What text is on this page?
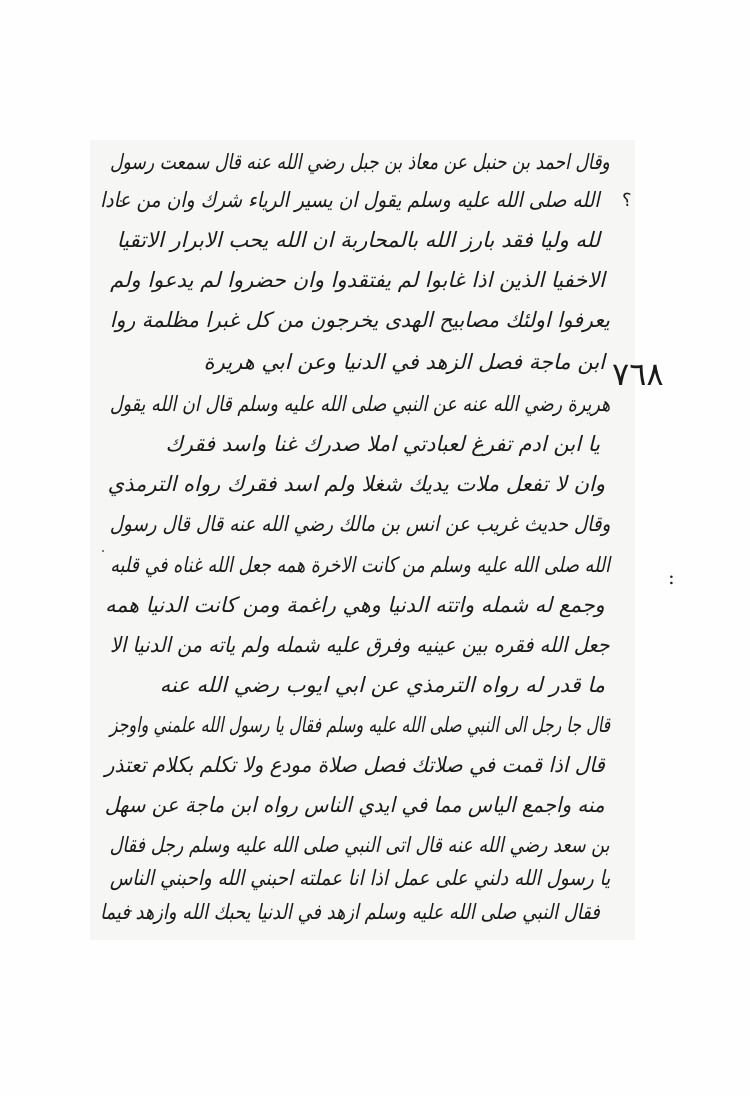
وقال احمد بن حنبل عن معاذ بن جبل رضي الله عنه قال سمعت رسول
الله صلى الله عليه وسلم يقول ان يسير الرياء شرك وان من عادا
لله وليا فقد بارز الله بالمحاربة ان الله يحب الابرار الاتقيا
الاخفيا الذين اذا غابوا لم يفتقدوا وان حضروا لم يدعوا ولم
يعرفوا اولئك مصابيح الهدى يخرجون من كل غبرا مظلمة روا
ابن ماجة فصل الزهد في الدنيا وعن ابي هريرة
هريرة رضي الله عنه عن النبي صلى الله عليه وسلم قال ان الله يقول
يا ابن ادم تفرغ لعبادتي املا صدرك غنا واسد فقرك
وان لا تفعل ملات يديك شغلا ولم اسد فقرك رواه الترمذي
وقال حديث غريب عن انس بن مالك رضي الله عنه قال قال رسول
الله صلى الله عليه وسلم من كانت الاخرة همه جعل الله غناه في قلبه
وجمع له شمله واتته الدنيا وهي راغمة ومن كانت الدنيا همه
جعل الله فقره بين عينيه وفرق عليه شمله ولم ياته من الدنيا الا
ما قدر له رواه الترمذي عن ابي ايوب رضي الله عنه
قال جا رجل الى النبي صلى الله عليه وسلم فقال يا رسول الله علمني واوجز
قال اذا قمت في صلاتك فصل صلاة مودع ولا تكلم بكلام تعتذر
منه واجمع الياس مما في ايدي الناس رواه ابن ماجة عن سهل
بن سعد رضي الله عنه قال اتى النبي صلى الله عليه وسلم رجل فقال
يا رسول الله دلني على عمل اذا انا عملته احبني الله واحبني الناس
فقال النبي صلى الله عليه وسلم ازهد في الدنيا يحبك الله وازهد فيما
٧٦٨
؟
:
